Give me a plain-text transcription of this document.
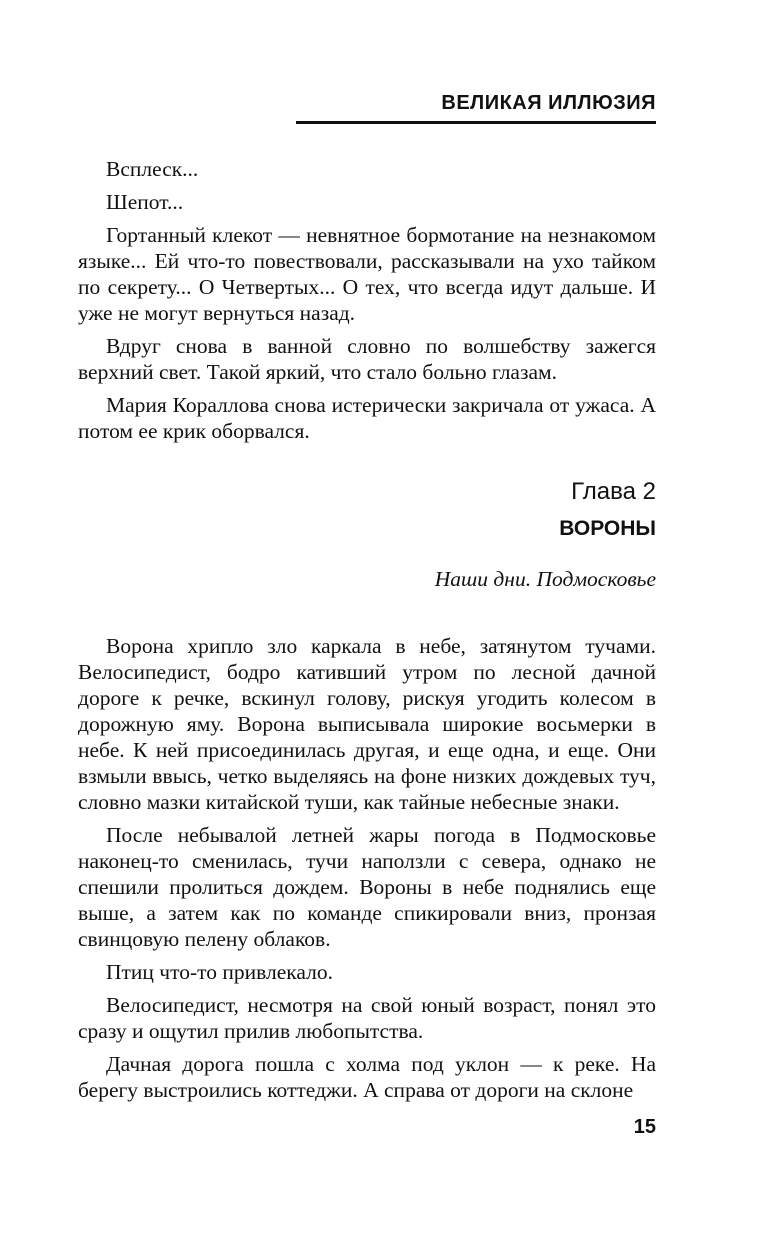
ВЕЛИКАЯ ИЛЛЮЗИЯ

Всплеск...

Шепот...

Гортанный клекот — невнятное бормотание на незнакомом языке... Ей что-то повествовали, рассказывали на ухо тайком по секрету... О Четвертых... О тех, что всегда идут дальше. И уже не могут вернуться назад.

Вдруг снова в ванной словно по волшебству зажегся верхний свет. Такой яркий, что стало больно глазам.

Мария Кораллова снова истерически закричала от ужаса. А потом ее крик оборвался.

Глава 2
ВОРОНЫ
Наши дни. Подмосковье

Ворона хрипло зло каркала в небе, затянутом тучами. Велосипедист, бодро кативший утром по лесной дачной дороге к речке, вскинул голову, рискуя угодить колесом в дорожную яму. Ворона выписывала широкие восьмерки в небе. К ней присоединилась другая, и еще одна, и еще. Они взмыли ввысь, четко выделяясь на фоне низких дождевых туч, словно мазки китайской туши, как тайные небесные знаки.

После небывалой летней жары погода в Подмосковье наконец-то сменилась, тучи наползли с севера, однако не спешили пролиться дождем. Вороны в небе поднялись еще выше, а затем как по команде спикировали вниз, пронзая свинцовую пелену облаков.

Птиц что-то привлекало.

Велосипедист, несмотря на свой юный возраст, понял это сразу и ощутил прилив любопытства.

Дачная дорога пошла с холма под уклон — к реке. На берегу выстроились коттеджи. А справа от дороги на склоне

15
